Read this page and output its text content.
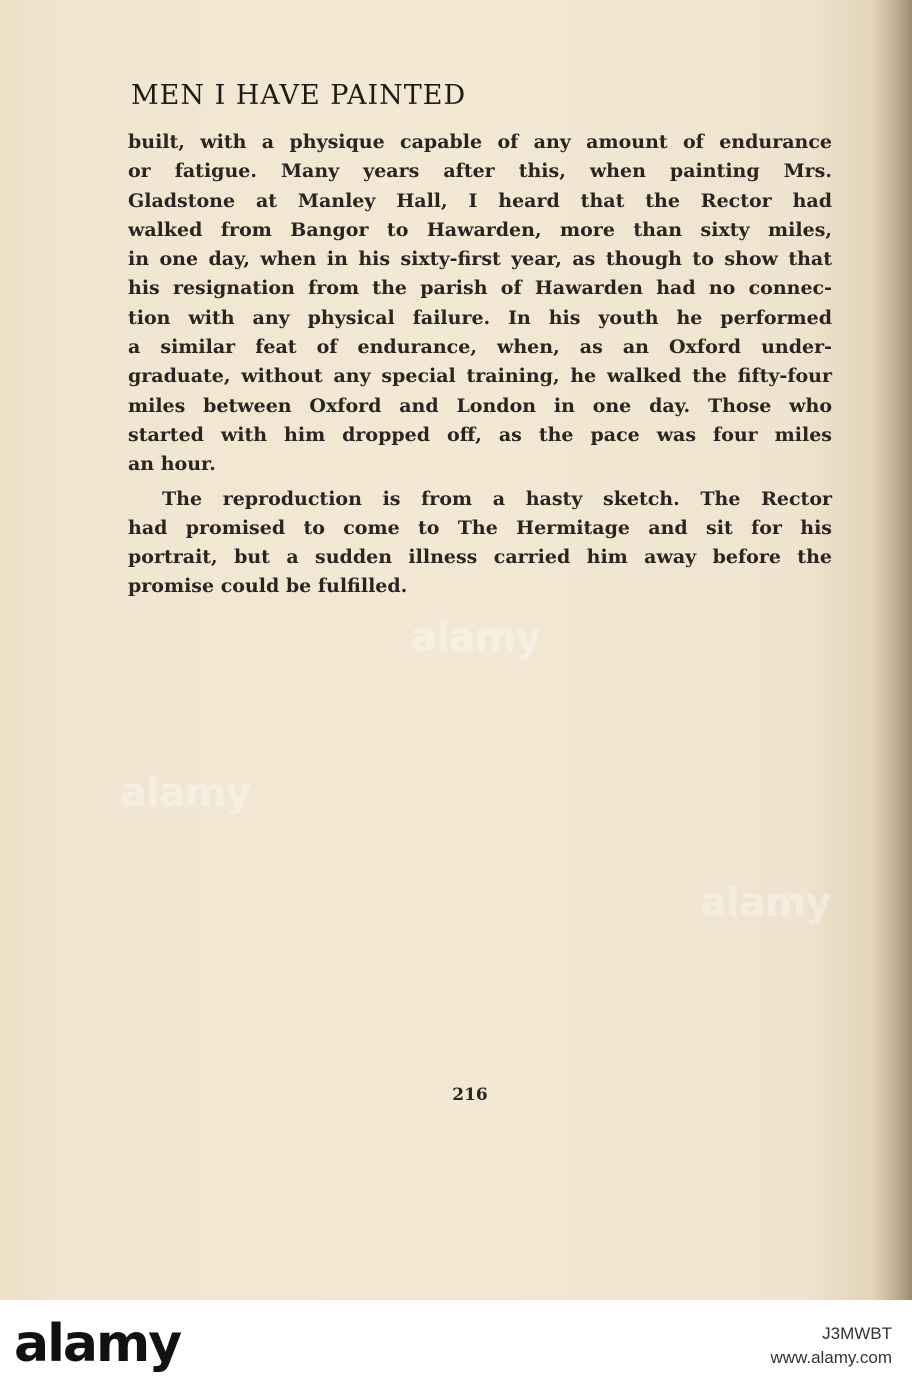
MEN I HAVE PAINTED
built, with a physique capable of any amount of endurance
or fatigue. Many years after this, when painting Mrs.
Gladstone at Manley Hall, I heard that the Rector had
walked from Bangor to Hawarden, more than sixty miles,
in one day, when in his sixty-first year, as though to show that
his resignation from the parish of Hawarden had no connec-
tion with any physical failure. In his youth he performed
a similar feat of endurance, when, as an Oxford under-
graduate, without any special training, he walked the fifty-four
miles between Oxford and London in one day. Those who
started with him dropped off, as the pace was four miles
an hour.
The reproduction is from a hasty sketch. The Rector
had promised to come to The Hermitage and sit for his
portrait, but a sudden illness carried him away before the
promise could be fulfilled.
216
alamy
alamy
alamy
alamy	J3MWBT
www.alamy.com
